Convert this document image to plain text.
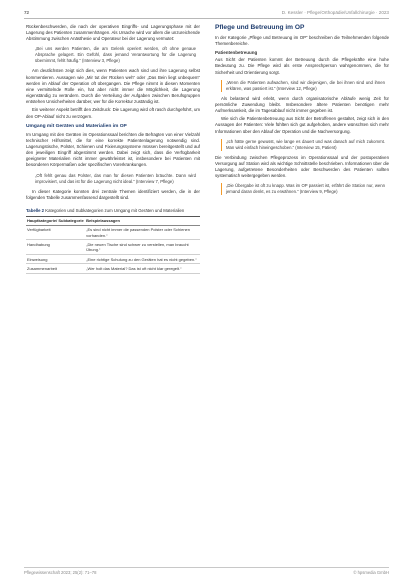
72	D. Kessler · Pflege/Orthopädie/Unfallchirurgie · 2023

Rückenbeschwerden, die nach der operativen Eingriffs- und Lagerungsphase mit der Lagerung des Patienten zusammenhängen. Als Ursache wird vor allem die unzureichende Abstimmung zwischen Anästhesie und Operateur bei der Lagerung vermutet:

„Bei uns werden Patienten, die am Gelenk operiert werden, oft ohne genaue Absprache gelagert. Ein Gefühl, dass jemand Verantwortung für die Lagerung übernimmt, fehlt häufig.“ (Interview 3, Pflege)

Am deutlichsten zeigt sich dies, wenn Patienten wach sind und ihre Lagerung selbst kommentieren. Aussagen wie „Mir tut der Rücken weh“ oder „Das Bein liegt unbequem“ werden im Ablauf der Operation oft übergangen. Die Pflege nimmt in diesen Momenten eine vermittelnde Rolle ein, hat aber nicht immer die Möglichkeit, die Lagerung eigenständig zu verändern. Durch die Verteilung der Aufgaben zwischen Berufsgruppen entstehen Unsicherheiten darüber, wer für die Korrektur zuständig ist.

Ein weiterer Aspekt betrifft den Zeitdruck: Die Lagerung wird oft rasch durchgeführt, um den OP-Ablauf nicht zu verzögern.

Umgang mit Geräten und Materialien im OP

Im Umgang mit den Geräten im Operationssaal berichten die Befragten von einer Vielzahl technischer Hilfsmittel, die für eine korrekte Patientenlagerung notwendig sind. Lagerungstische, Polster, Schienen und Fixierungssysteme müssen bereitgestellt und auf den jeweiligen Eingriff abgestimmt werden. Dabei zeigt sich, dass die Verfügbarkeit geeigneter Materialien nicht immer gewährleistet ist, insbesondere bei Patienten mit besonderen Körpermaßen oder spezifischen Vorerkrankungen.

„Oft fehlt genau das Polster, das man für diesen Patienten bräuchte. Dann wird improvisiert, und das ist für die Lagerung nicht ideal.“ (Interview 7, Pflege)

In dieser Kategorie konnten drei zentrale Themen identifiziert werden, die in der folgenden Tabelle zusammenfassend dargestellt sind.

Tabelle 2 Kategorien und Subkategorien zum Umgang mit Geräten und Materialien
Hauptkategorie/ Subkategorie	Beispielaussagen
Verfügbarkeit	„Es sind nicht immer die passenden Polster oder Schienen vorhanden.“
Handhabung	„Die neuen Tische sind schwer zu verstellen, man braucht Übung.“
Einweisung	„Eine richtige Schulung zu den Geräten hat es nicht gegeben.“
Zusammenarbeit	„Wer holt das Material? Das ist oft nicht klar geregelt.“
Pflege und Betreuung im OP

In der Kategorie „Pflege und Betreuung im OP“ beschreiben die Teilnehmenden folgende Themenbereiche.

Patientenbetreuung

Aus Sicht der Patienten kommt der Betreuung durch die Pflegekräfte eine hohe Bedeutung zu. Die Pflege wird als erste Ansprechperson wahrgenommen, die für Sicherheit und Orientierung sorgt.

„Wenn die Patienten aufwachen, sind wir diejenigen, die bei ihnen sind und ihnen erklären, was passiert ist.“ (Interview 12, Pflege)

Als belastend wird erlebt, wenn durch organisatorische Abläufe wenig Zeit für persönliche Zuwendung bleibt. Insbesondere ältere Patienten benötigen mehr Aufmerksamkeit, die im Tagesablauf nicht immer gegeben ist.

Wie sich die Patientenbetreuung aus Sicht der Betroffenen gestaltet, zeigt sich in den Aussagen der Patienten: Viele fühlten sich gut aufgehoben, andere wünschten sich mehr Informationen über den Ablauf der Operation und die Nachversorgung.

„Ich hätte gerne gewusst, wie lange es dauert und was danach auf mich zukommt. Man wird einfach hineingeschoben.“ (Interview 15, Patient)

Die Verbindung zwischen Pflegeprozess im Operationssaal und der postoperativen Versorgung auf Station wird als wichtige Schnittstelle beschrieben. Informationen über die Lagerung, aufgetretene Besonderheiten oder Beschwerden des Patienten sollten systematisch weitergegeben werden.

„Die Übergabe ist oft zu knapp. Was im OP passiert ist, erfährt die Station nur, wenn jemand daran denkt, es zu erwähnen.“ (Interview 9, Pflege)

Pflegewissenschaft 2023; 25(2): 71–78	© hpsmedia GmbH
